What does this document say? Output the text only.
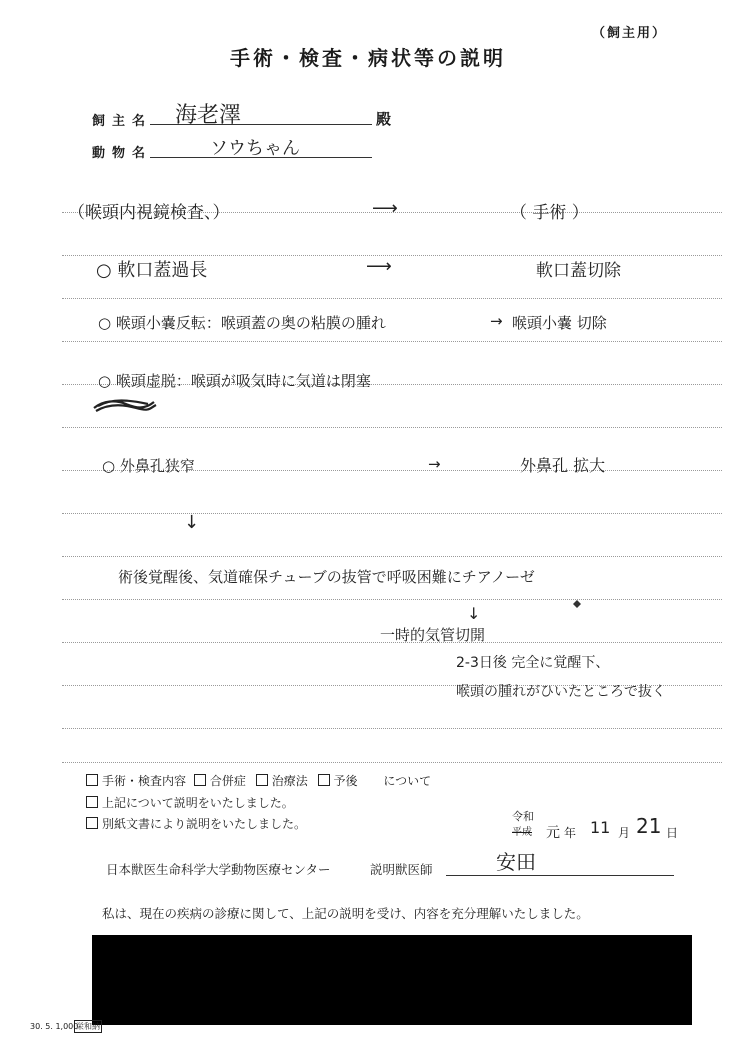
（飼主用）
手術・検査・病状等の説明
飼主名 海老澤	殿
動物名	ソウちゃん
（喉頭内視鏡検査、）	⟶	（ 手術 ）
○ 軟口蓋過長	⟶	軟口蓋切除
○ 喉頭小嚢反転：喉頭蓋の奥の粘膜の腫れ	→ 喉頭小嚢 切除
○ 喉頭虚脱：喉頭が吸気時に気道は閉塞
○ 外鼻孔狭窄	→	外鼻孔 拡大
↓
術後覚醒後、気道確保チューブの抜管で呼吸困難にチアノーゼ
↓
一時的気管切開
2-3日後 完全に覚醒下、
喉頭の腫れがひいたところで抜く
手術・検査内容 合併症 治療法 予後 について
上記について説明をいたしました。
別紙文書により説明をいたしました。
令和
平成 元 年 11 月 21 日
日本獣医生命科学大学動物医療センター	説明獣医師	安田
私は、現在の疾病の診療に関して、上記の説明を受け、内容を充分理解いたしました。
30. 5. 1,000
栄和納
